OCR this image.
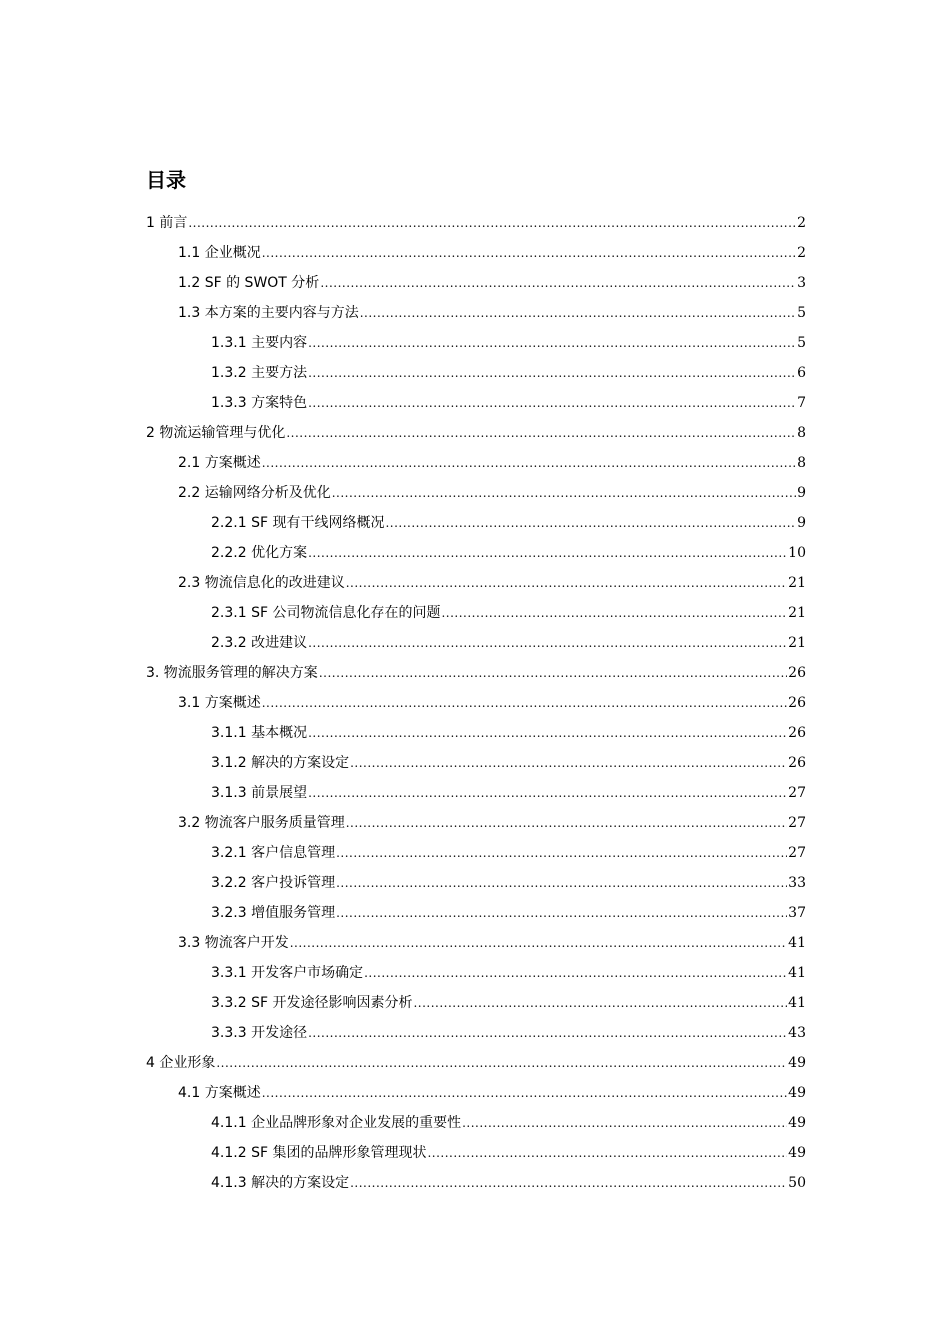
目录
1 前言 .....	2
1.1 企业概况 .....	2
1.2 SF 的 SWOT 分析 .....	3
1.3 本方案的主要内容与方法 .....	5
1.3.1 主要内容 .....	5
1.3.2 主要方法 .....	6
1.3.3 方案特色 .....	7
2 物流运输管理与优化 .....	8
2.1 方案概述 .....	8
2.2 运输网络分析及优化 .....	9
2.2.1 SF 现有干线网络概况 .....	9
2.2.2 优化方案 .....	10
2.3 物流信息化的改进建议 .....	21
2.3.1 SF 公司物流信息化存在的问题 .....	21
2.3.2 改进建议 .....	21
3. 物流服务管理的解决方案 .....	26
3.1 方案概述 .....	26
3.1.1 基本概况 .....	26
3.1.2 解决的方案设定 .....	26
3.1.3 前景展望 .....	27
3.2 物流客户服务质量管理 .....	27
3.2.1 客户信息管理 .....	27
3.2.2 客户投诉管理 .....	33
3.2.3 增值服务管理 .....	37
3.3 物流客户开发 .....	41
3.3.1 开发客户市场确定 .....	41
3.3.2 SF 开发途径影响因素分析 .....	41
3.3.3 开发途径 .....	43
4 企业形象 .....	49
4.1 方案概述 .....	49
4.1.1 企业品牌形象对企业发展的重要性 .....	49
4.1.2 SF 集团的品牌形象管理现状 .....	49
4.1.3 解决的方案设定 .....	50
